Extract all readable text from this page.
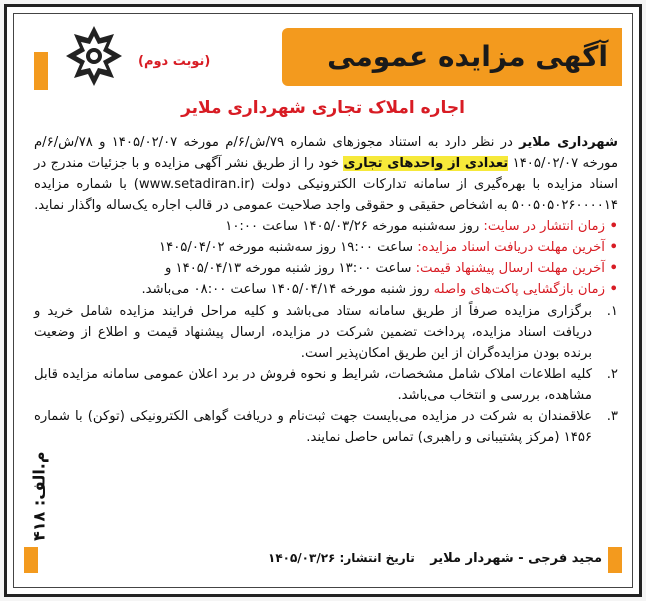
آگهی مزایده عمومی
(نوبت دوم)
اجاره املاک تجاری شهرداری ملایر

شهرداری ملایر در نظر دارد به استناد مجوزهای شماره ۷۹/ش/۶/م مورخه ۱۴۰۵/۰۲/۰۷ و ۷۸/ش/۶/م مورخه ۱۴۰۵/۰۲/۰۷ تعدادی از واحدهای تجاری خود را از طریق نشر آگهی مزایده و با جزئیات مندرج در اسناد مزایده با بهره‌گیری از سامانه تدارکات الکترونیکی دولت (www.setadiran.ir) با شماره مزایده ۵۰۰۵۰۵۰۲۶۰۰۰۰۱۴ به اشخاص حقیقی و حقوقی واجد صلاحیت عمومی در قالب اجاره یک‌ساله واگذار نماید.

• زمان انتشار در سایت: روز سه‌شنبه مورخه ۱۴۰۵/۰۳/۲۶ ساعت ۱۰:۰۰

• آخرین مهلت دریافت اسناد مزایده: ساعت ۱۹:۰۰ روز سه‌شنبه مورخه ۱۴۰۵/۰۴/۰۲

• آخرین مهلت ارسال پیشنهاد قیمت: ساعت ۱۳:۰۰ روز شنبه مورخه ۱۴۰۵/۰۴/۱۳ و

• زمان بازگشایی پاکت‌های واصله روز شنبه مورخه ۱۴۰۵/۰۴/۱۴ ساعت ۰۸:۰۰ می‌باشد.

۱.
برگزاری مزایده صرفاً از طریق سامانه ستاد می‌باشد و کلیه مراحل فرایند مزایده شامل خرید و دریافت اسناد مزایده، پرداخت تضمین شرکت در مزایده، ارسال پیشنهاد قیمت و اطلاع از وضعیت برنده بودن مزایده‌گران از این طریق امکان‌پذیر است.
۲.
کلیه اطلاعات املاک شامل مشخصات، شرایط و نحوه فروش در برد اعلان عمومی سامانه مزایده قابل مشاهده، بررسی و انتخاب می‌باشد.
۳.
علاقمندان به شرکت در مزایده می‌بایست جهت ثبت‌نام و دریافت گواهی الکترونیکی (توکن) با شماره ۱۴۵۶ (مرکز پشتیبانی و راهبری) تماس حاصل نمایند.
م.الف: ۴۱۸
مجید فرجی - شهردار ملایر
تاریخ انتشار: ۱۴۰۵/۰۳/۲۶
